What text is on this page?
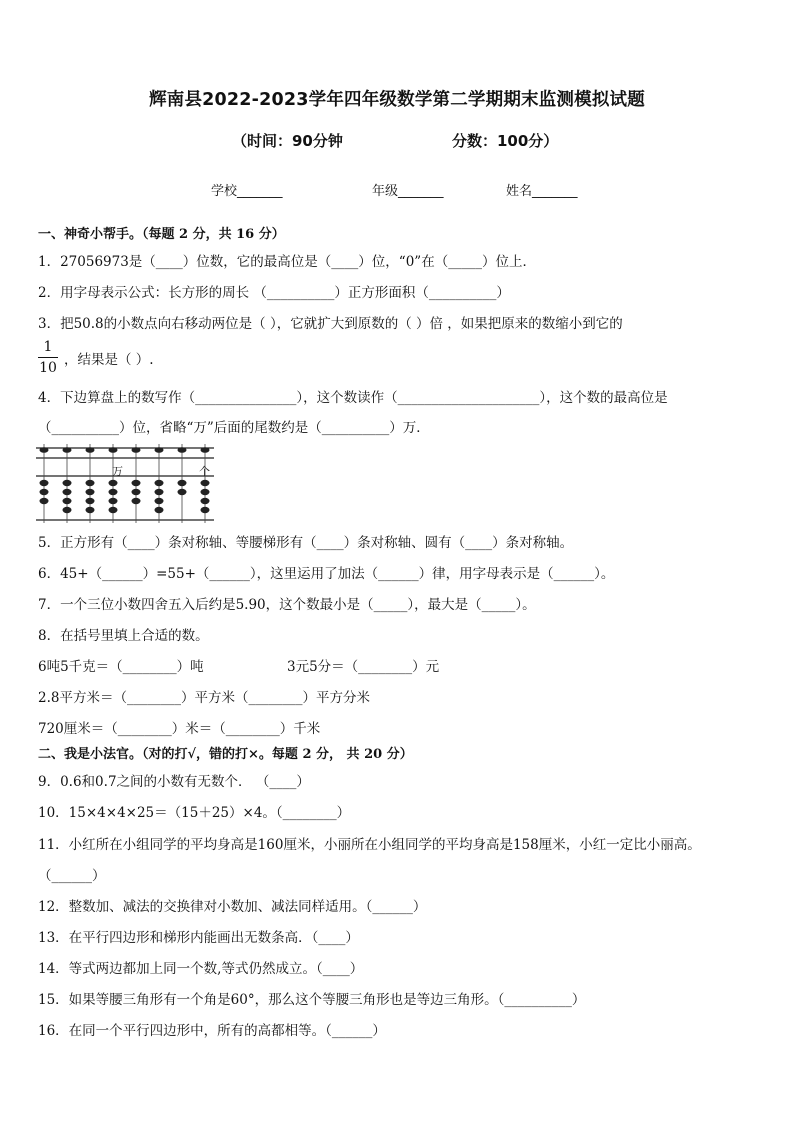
辉南县2022-2023学年四年级数学第二学期期末监测模拟试题
（时间：90分钟	分数：100分）
学校_______	年级_______	姓名_______
一、神奇小帮手。（每题 2 分，共 16 分）
1．27056973是（____）位数，它的最高位是（____）位，“0”在（_____）位上．
2．用字母表示公式：长方形的周长 （__________）正方形面积（__________）
3．把50.8的小数点向右移动两位是（ ），它就扩大到原数的（ ）倍 ，如果把原来的数缩小到它的
1
10 ，结果是（ ）.
4．下边算盘上的数写作（_______________），这个数读作（_____________________），这个数的最高位是
（__________）位，省略“万”后面的尾数约是（__________）万．
万	个
5．正方形有（____）条对称轴、等腰梯形有（____）条对称轴、圆有（____）条对称轴。
6．45+（______）=55+（______），这里运用了加法（______）律，用字母表示是（______）。
7．一个三位小数四舍五入后约是5.90，这个数最小是（_____），最大是（_____）。
8．在括号里填上合适的数。
6吨5千克＝（________）吨	3元5分＝（________）元
2.8平方米＝（________）平方米（________）平方分米
720厘米＝（________）米＝（________）千米
二、我是小法官。（对的打√，错的打×。每题 2 分， 共 20 分）
9．0.6和0.7之间的小数有无数个． （____）
10．15×4×4×25＝（15＋25）×4。（________）
11．小红所在小组同学的平均身高是160厘米，小丽所在小组同学的平均身高是158厘米，小红一定比小丽高。
（______）
12．整数加、减法的交换律对小数加、减法同样适用。（______）
13．在平行四边形和梯形内能画出无数条高．（____）
14．等式两边都加上同一个数,等式仍然成立。（____）
15．如果等腰三角形有一个角是60°，那么这个等腰三角形也是等边三角形。（__________）
16．在同一个平行四边形中，所有的高都相等。（______）
